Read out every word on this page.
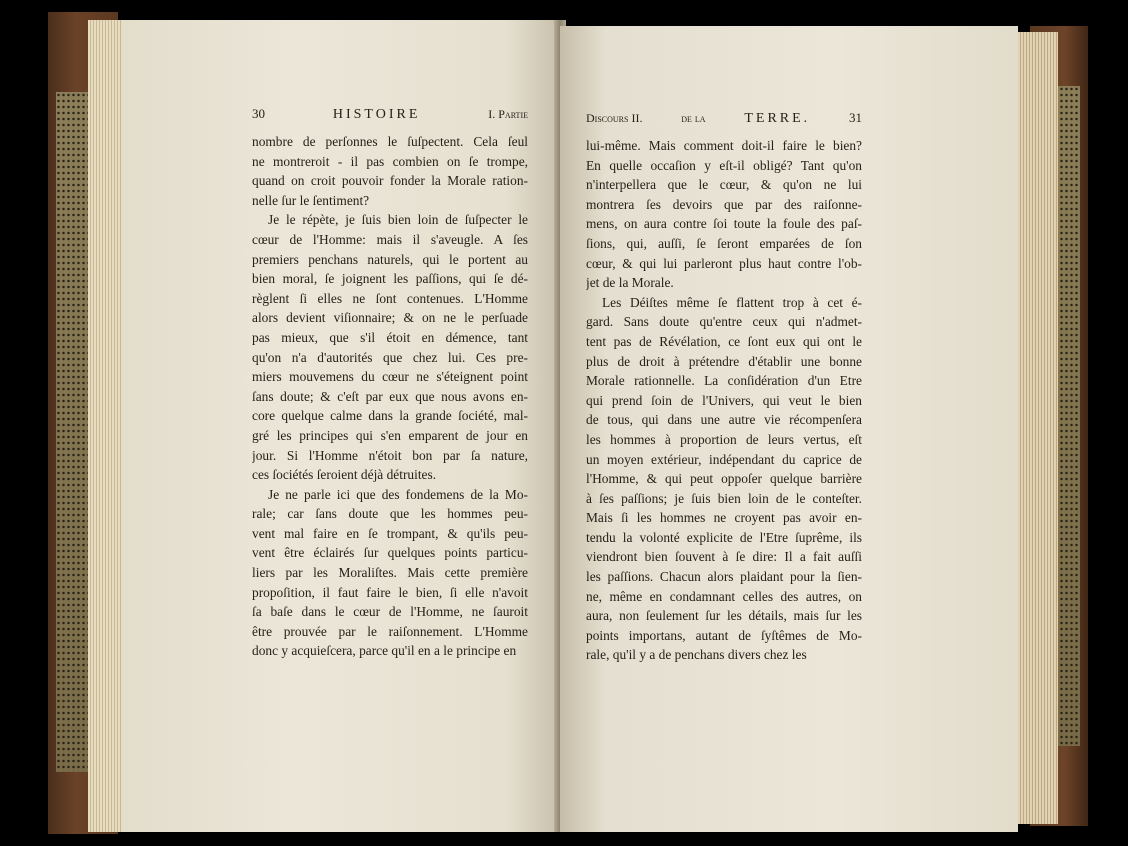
30	HISTOIRE	I. Partie
nombre de perſonnes le ſuſpectent. Cela ſeul
ne montreroit - il pas combien on ſe trompe,
quand on croit pouvoir fonder la Morale ration-
nelle ſur le ſentiment?
Je le répète, je ſuis bien loin de ſuſpecter le
cœur de l'Homme: mais il s'aveugle. A ſes
premiers penchans naturels, qui le portent au
bien moral, ſe joignent les paſſions, qui ſe dé-
règlent ſi elles ne ſont contenues. L'Homme
alors devient viſionnaire; & on ne le perſuade
pas mieux, que s'il étoit en démence, tant
qu'on n'a d'autorités que chez lui. Ces pre-
miers mouvemens du cœur ne s'éteignent point
ſans doute; & c'eſt par eux que nous avons en-
core quelque calme dans la grande ſociété, mal-
gré les principes qui s'en emparent de jour en
jour. Si l'Homme n'étoit bon par ſa nature,
ces ſociétés ſeroient déjà détruites.
Je ne parle ici que des fondemens de la Mo-
rale; car ſans doute que les hommes peu-
vent mal faire en ſe trompant, & qu'ils peu-
vent être éclairés ſur quelques points particu-
liers par les Moraliſtes. Mais cette première
propoſition, il faut faire le bien, ſi elle n'avoit
ſa baſe dans le cœur de l'Homme, ne ſauroit
être prouvée par le raiſonnement. L'Homme
donc y acquieſcera, parce qu'il en a le principe en
Discours II.	de la	TERRE.	31
lui-même. Mais comment doit-il faire le bien?
En quelle occaſion y eſt-il obligé? Tant qu'on
n'interpellera que le cœur, & qu'on ne lui
montrera ſes devoirs que par des raiſonne-
mens, on aura contre ſoi toute la foule des paſ-
ſions, qui, auſſi, ſe ſeront emparées de ſon
cœur, & qui lui parleront plus haut contre l'ob-
jet de la Morale.
Les Déiſtes même ſe flattent trop à cet é-
gard. Sans doute qu'entre ceux qui n'admet-
tent pas de Révélation, ce ſont eux qui ont le
plus de droit à prétendre d'établir une bonne
Morale rationnelle. La conſidération d'un Etre
qui prend ſoin de l'Univers, qui veut le bien
de tous, qui dans une autre vie récompenſera
les hommes à proportion de leurs vertus, eſt
un moyen extérieur, indépendant du caprice de
l'Homme, & qui peut oppoſer quelque barrière
à ſes paſſions; je ſuis bien loin de le conteſter.
Mais ſi les hommes ne croyent pas avoir en-
tendu la volonté explicite de l'Etre ſuprême, ils
viendront bien ſouvent à ſe dire: Il a fait auſſi
les paſſions. Chacun alors plaidant pour la ſien-
ne, même en condamnant celles des autres, on
aura, non ſeulement ſur les détails, mais ſur les
points importans, autant de ſyſtêmes de Mo-
rale, qu'il y a de penchans divers chez les
